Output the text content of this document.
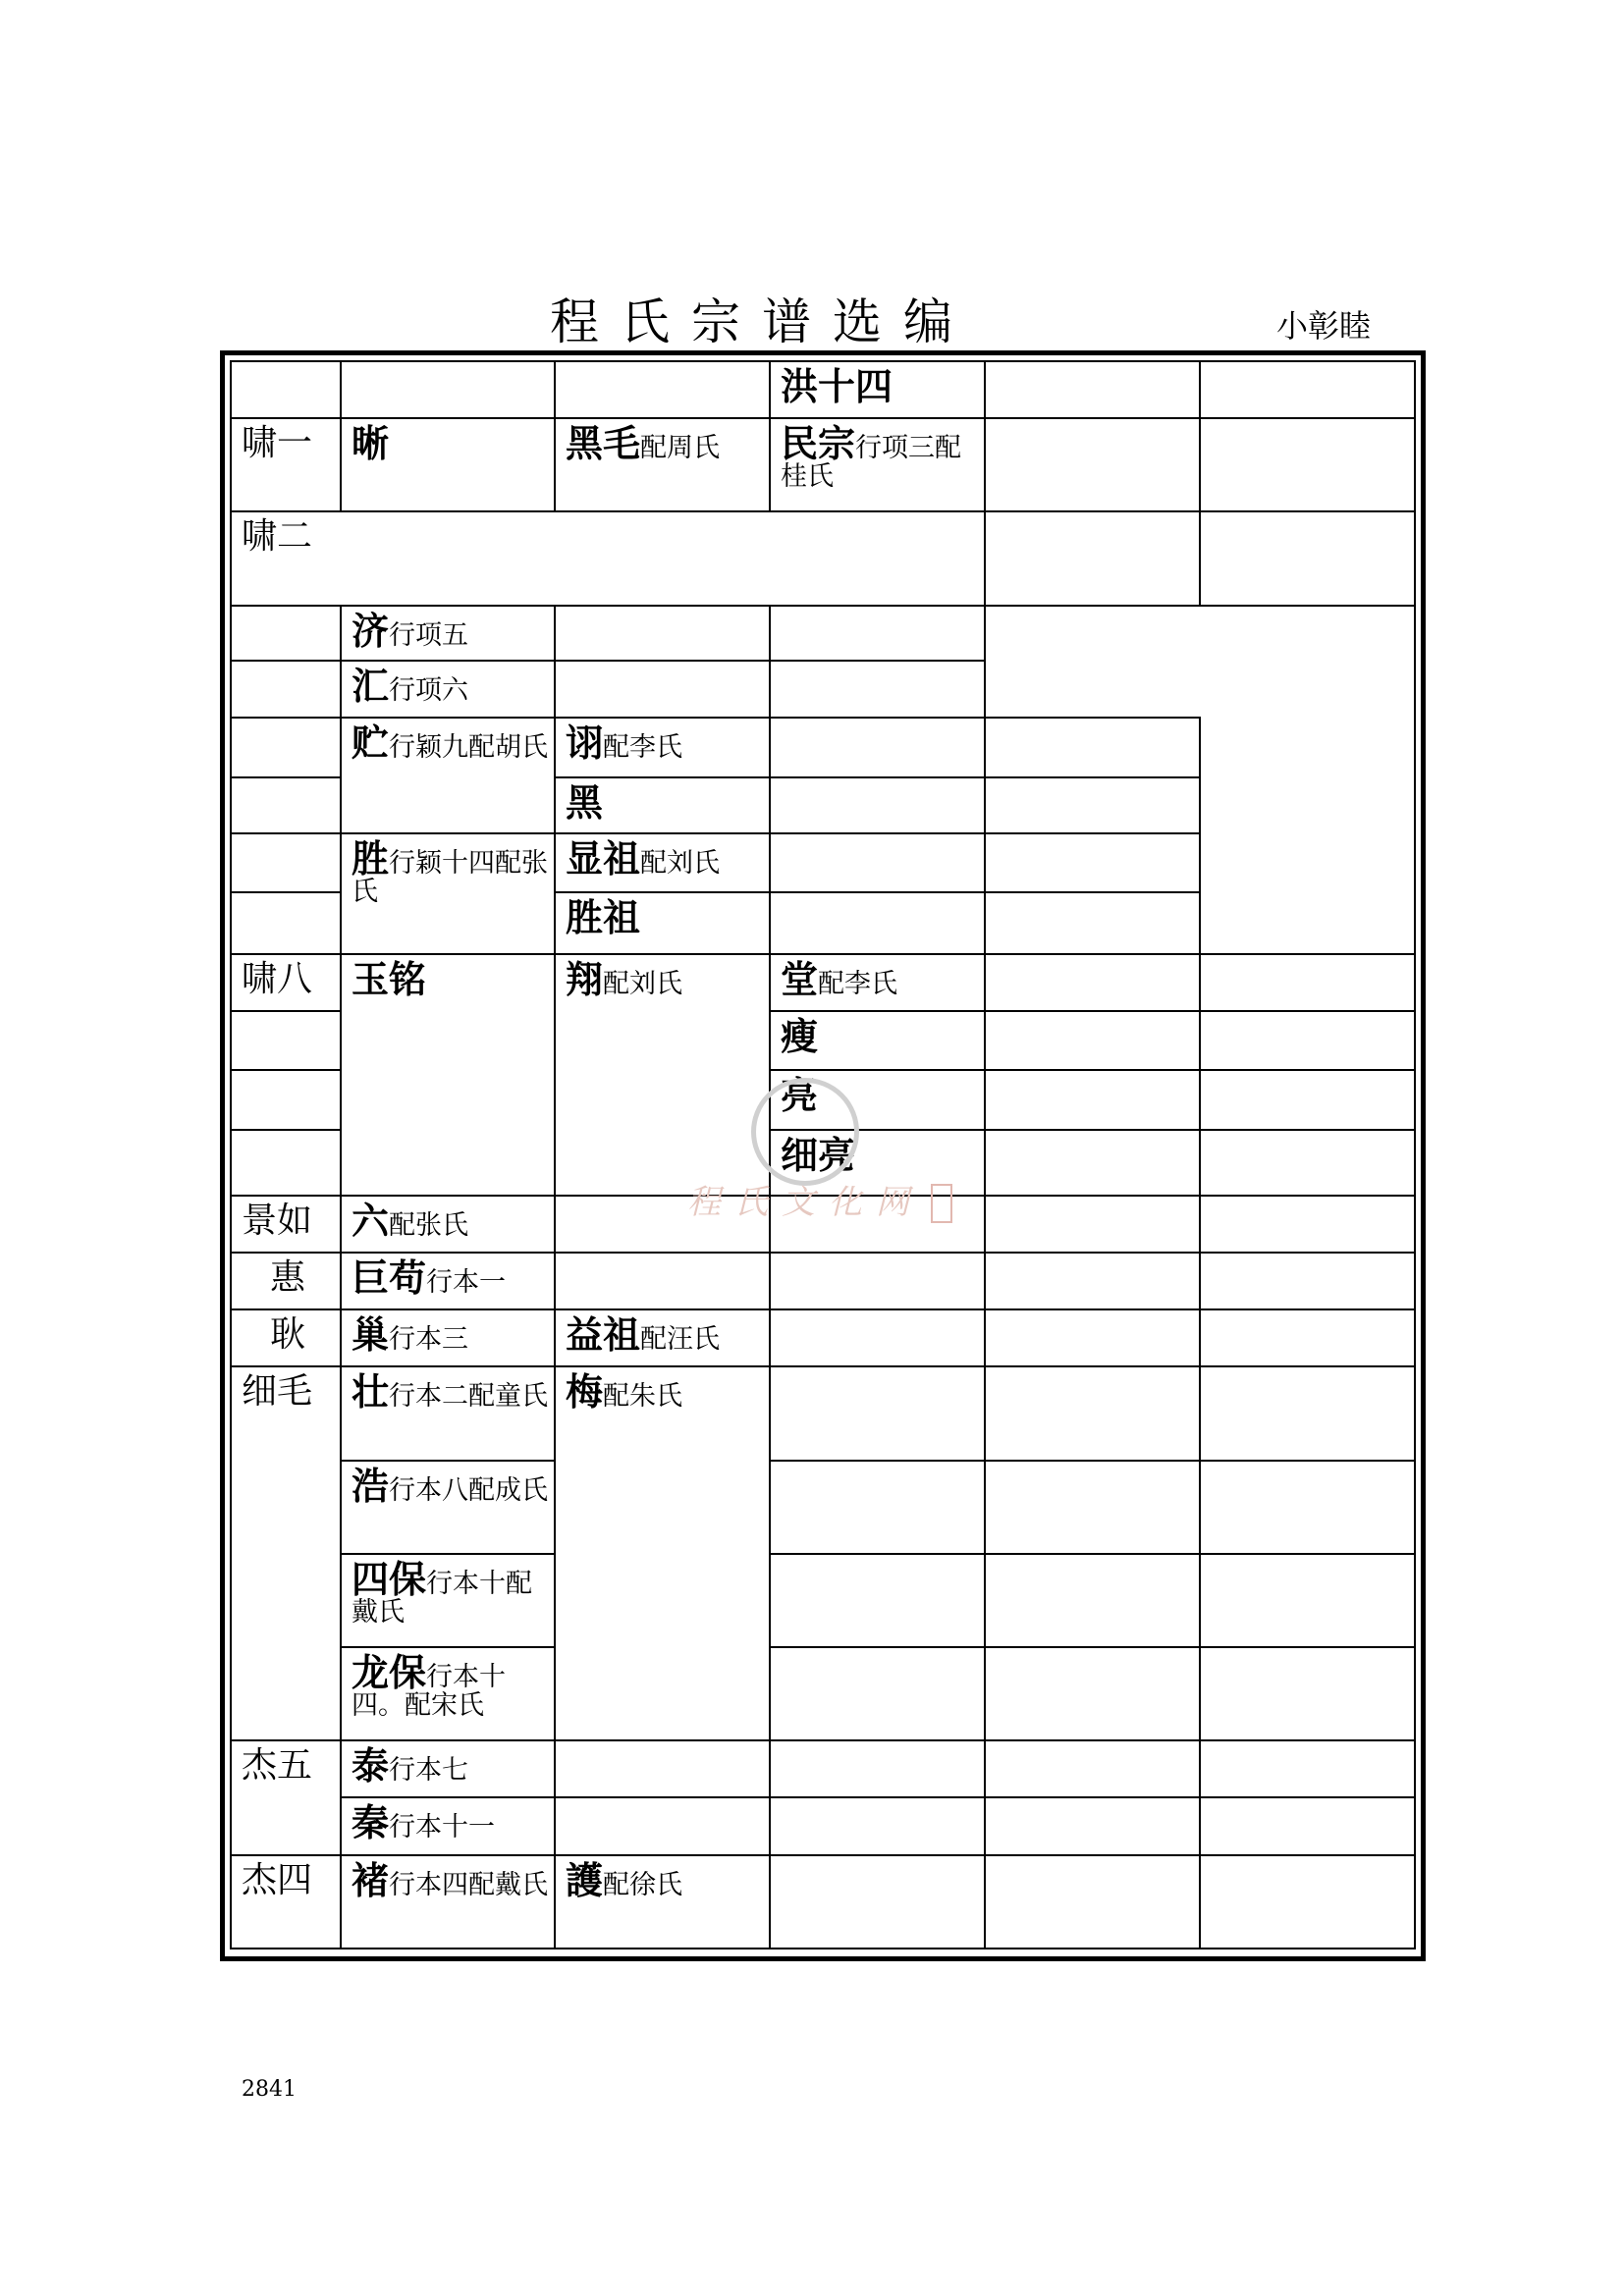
程氏宗谱选编	小彰睦
			洪十四		
啸一	晰	黑毛配周氏	民宗行项三配桂氏		
啸二					
	济行项五				
	汇行项六				
	贮行颖九配胡氏	诩配李氏			
		黑			
	胜行颖十四配张氏	显祖配刘氏			
		胜祖			
啸八	玉铭	翔配刘氏	堂配李氏		
			瘦		
			亮		
			细亮		
景如	六配张氏				

惠	巨苟行本一				

耿	巢行本三	益祖配汪氏			
细毛	壮行本二配童氏	梅配朱氏			
	浩行本八配成氏				
	四保行本十配戴氏				
	龙保行本十四。配宋氏				
杰五	泰行本七				
	秦行本十一				
杰四	褚行本四配戴氏	護配徐氏			
程氏文化网
2841
